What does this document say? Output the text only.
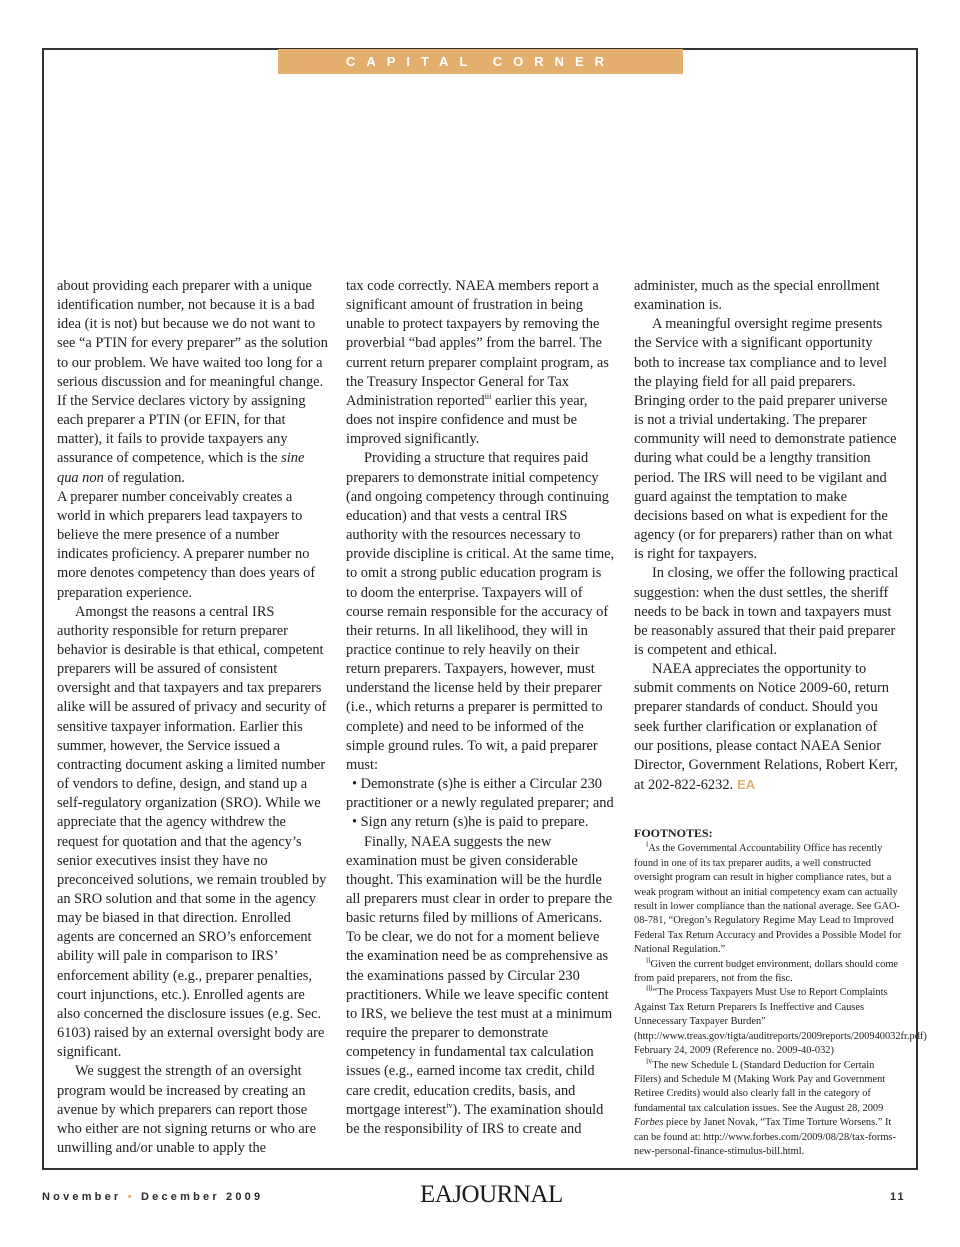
CAPITAL CORNER

about providing each preparer with a unique identification number, not because it is a bad idea (it is not) but because we do not want to see “a PTIN for every preparer” as the solution to our problem. We have waited too long for a serious discussion and for meaningful change. If the Service declares victory by assigning each preparer a PTIN (or EFIN, for that matter), it fails to provide taxpayers any assurance of competence, which is the sine qua non of regulation.

A preparer number conceivably creates a world in which preparers lead taxpayers to believe the mere presence of a number indicates proficiency. A preparer number no more denotes competency than does years of preparation experience.

Amongst the reasons a central IRS authority responsible for return preparer behavior is desirable is that ethical, competent preparers will be assured of consistent oversight and that taxpayers and tax preparers alike will be assured of privacy and security of sensitive taxpayer information. Earlier this summer, however, the Service issued a contracting document asking a limited number of vendors to define, design, and stand up a self-regulatory organization (SRO). While we appreciate that the agency withdrew the request for quotation and that the agency’s senior executives insist they have no preconceived solutions, we remain troubled by an SRO solution and that some in the agency may be biased in that direction. Enrolled agents are concerned an SRO’s enforcement ability will pale in comparison to IRS’ enforcement ability (e.g., preparer penalties, court injunctions, etc.). Enrolled agents are also concerned the disclosure issues (e.g. Sec. 6103) raised by an external oversight body are significant.

We suggest the strength of an oversight program would be increased by creating an avenue by which preparers can report those who either are not signing returns or who are unwilling and/or unable to apply the

tax code correctly. NAEA members report a significant amount of frustration in being unable to protect taxpayers by removing the proverbial “bad apples” from the barrel. The current return preparer complaint program, as the Treasury Inspector General for Tax Administration reported$^{iii}$ earlier this year, does not inspire confidence and must be improved significantly.

Providing a structure that requires paid preparers to demonstrate initial competency (and ongoing competency through continuing education) and that vests a central IRS authority with the resources necessary to provide discipline is critical. At the same time, to omit a strong public education program is to doom the enterprise. Taxpayers will of course remain responsible for the accuracy of their returns. In all likelihood, they will in practice continue to rely heavily on their return preparers. Taxpayers, however, must understand the license held by their preparer (i.e., which returns a preparer is permitted to complete) and need to be informed of the simple ground rules. To wit, a paid preparer must:

• Demonstrate (s)he is either a Circular 230 practitioner or a newly regulated preparer; and

• Sign any return (s)he is paid to prepare.

Finally, NAEA suggests the new examination must be given considerable thought. This examination will be the hurdle all preparers must clear in order to prepare the basic returns filed by millions of Americans. To be clear, we do not for a moment believe the examination need be as comprehensive as the examinations passed by Circular 230 practitioners. While we leave specific content to IRS, we believe the test must at a minimum require the preparer to demonstrate competency in fundamental tax calculation issues (e.g., earned income tax credit, child care credit, education credits, basis, and mortgage interest$^{iv}$). The examination should be the responsibility of IRS to create and

administer, much as the special enrollment examination is.

A meaningful oversight regime presents the Service with a significant opportunity both to increase tax compliance and to level the playing field for all paid preparers. Bringing order to the paid preparer universe is not a trivial undertaking. The preparer community will need to demonstrate patience during what could be a lengthy transition period. The IRS will need to be vigilant and guard against the temptation to make decisions based on what is expedient for the agency (or for preparers) rather than on what is right for taxpayers.

In closing, we offer the following practical suggestion: when the dust settles, the sheriff needs to be back in town and taxpayers must be reasonably assured that their paid preparer is competent and ethical.

NAEA appreciates the opportunity to submit comments on Notice 2009-60, return preparer standards of conduct. Should you seek further clarification or explanation of our positions, please contact NAEA Senior Director, Government Relations, Robert Kerr, at 202-822-6232. EA

FOOTNOTES:

$^i$As the Governmental Accountability Office has recently found in one of its tax preparer audits, a well constructed oversight program can result in higher compliance rates, but a weak program without an initial competency exam can actually result in lower compliance than the national average. See GAO-08-781, “Oregon’s Regulatory Regime May Lead to Improved Federal Tax Return Accuracy and Provides a Possible Model for National Regulation.”

$^{ii}$Given the current budget environment, dollars should come from paid preparers, not from the fisc.

$^{iii}$“The Process Taxpayers Must Use to Report Complaints Against Tax Return Preparers Is Ineffective and Causes Unnecessary Taxpayer Burden” (http://www.treas.gov/tigta/auditreports/2009reports/200940032fr.pdf) February 24, 2009 (Reference no. 2009-40-032)

$^{iv}$The new Schedule L (Standard Deduction for Certain Filers) and Schedule M (Making Work Pay and Government Retiree Credits) would also clearly fall in the category of fundamental tax calculation issues. See the August 28, 2009 Forbes piece by Janet Novak, “Tax Time Torture Worsens.” It can be found at: http://www.forbes.com/2009/08/28/tax-forms-new-personal-finance-stimulus-bill.html.

November • December 2009	EAJOURNAL	11
